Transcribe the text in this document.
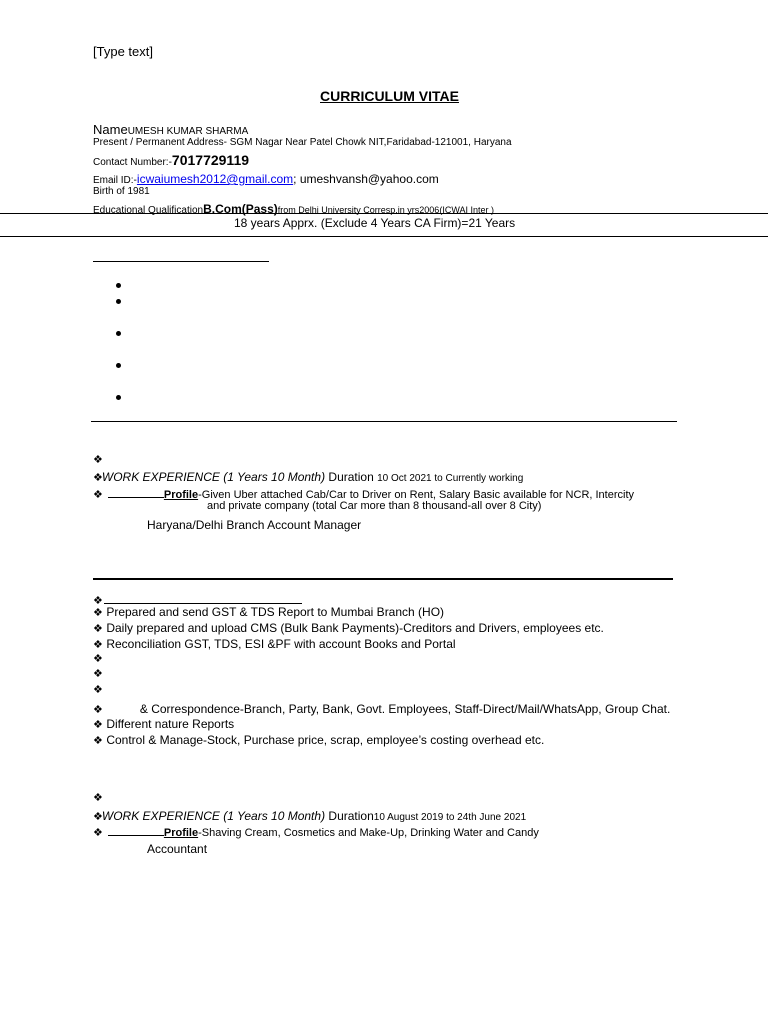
[Type text]
CURRICULUM VITAE
NameUMESH KUMAR SHARMA
Present / Permanent Address- SGM Nagar Near Patel Chowk NIT,Faridabad-121001, Haryana
Contact Number:-7017729119
Email ID:-icwaiumesh2012@gmail.com; umeshvansh@yahoo.com
Birth of 1981
Educational QualificationB.Com(Pass)from Delhi University Corresp.in yrs2006(ICWAI Inter )
18 years Apprx. (Exclude 4 Years CA Firm)=21 Years
❖
❖WORK EXPERIENCE (1 Years 10 Month) Duration 10 Oct 2021 to Currently working
❖	Profile-Given Uber attached Cab/Car to Driver on Rent, Salary Basic available for NCR, Intercity
and private company (total Car more than 8 thousand-all over 8 City)
Haryana/Delhi Branch Account Manager
❖
❖ Prepared and send GST & TDS Report to Mumbai Branch (HO)
❖ Daily prepared and upload CMS (Bulk Bank Payments)-Creditors and Drivers, employees etc.
❖ Reconciliation GST, TDS, ESI &PF with account Books and Portal
❖
❖
❖
❖	& Correspondence-Branch, Party, Bank, Govt. Employees, Staff-Direct/Mail/WhatsApp, Group Chat.
❖ Different nature Reports
❖ Control & Manage-Stock, Purchase price, scrap, employee’s costing overhead etc.
❖
❖WORK EXPERIENCE (1 Years 10 Month) Duration10 August 2019 to 24th June 2021
❖	Profile-Shaving Cream, Cosmetics and Make-Up, Drinking Water and Candy
Accountant
